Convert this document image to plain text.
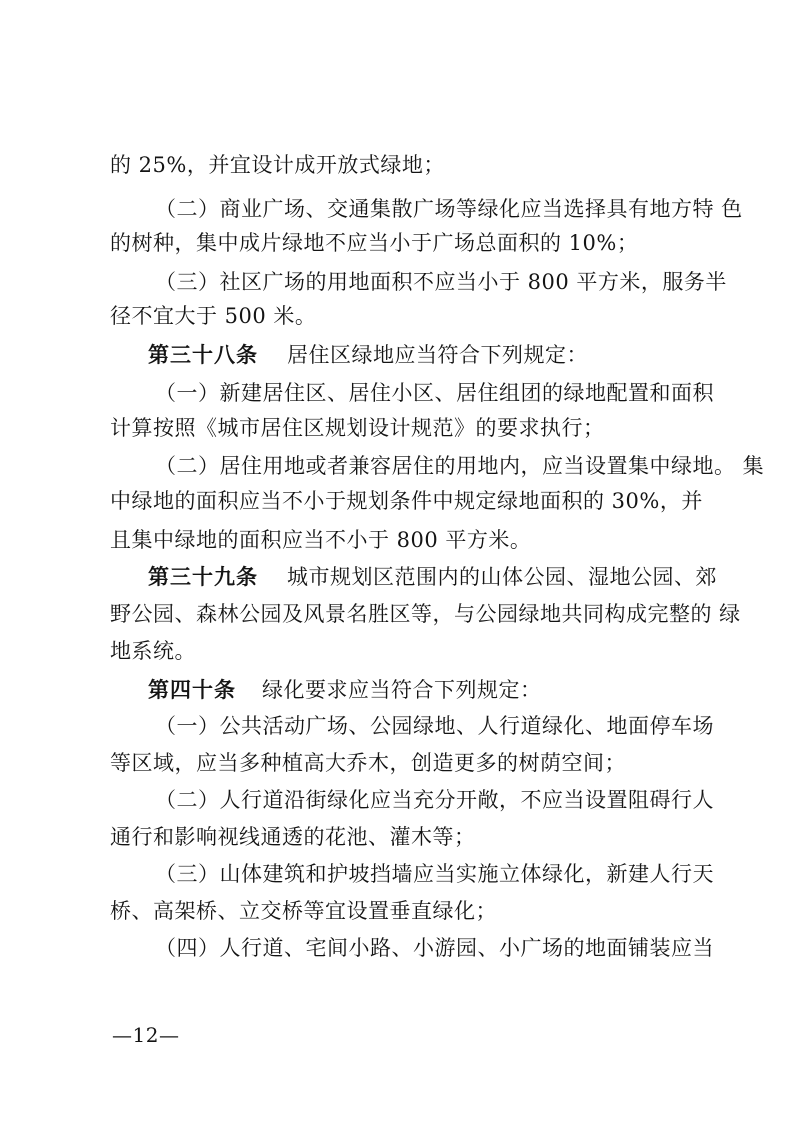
的 25%，并宜设计成开放式绿地；
（二）商业广场、交通集散广场等绿化应当选择具有地方特 色
的树种，集中成片绿地不应当小于广场总面积的 10%；
（三）社区广场的用地面积不应当小于 800 平方米，服务半
径不宜大于 500 米。
第三十八条 居住区绿地应当符合下列规定：
（一）新建居住区、居住小区、居住组团的绿地配置和面积
计算按照《城市居住区规划设计规范》的要求执行；
（二）居住用地或者兼容居住的用地内，应当设置集中绿地。 集
中绿地的面积应当不小于规划条件中规定绿地面积的 30%，并
且集中绿地的面积应当不小于 800 平方米。
第三十九条 城市规划区范围内的山体公园、湿地公园、郊
野公园、森林公园及风景名胜区等，与公园绿地共同构成完整的 绿
地系统。
第四十条 绿化要求应当符合下列规定：
（一）公共活动广场、公园绿地、人行道绿化、地面停车场
等区域，应当多种植高大乔木，创造更多的树荫空间；
（二）人行道沿街绿化应当充分开敞，不应当设置阻碍行人
通行和影响视线通透的花池、灌木等；
（三）山体建筑和护坡挡墙应当实施立体绿化，新建人行天
桥、高架桥、立交桥等宜设置垂直绿化；
（四）人行道、宅间小路、小游园、小广场的地面铺装应当
—12—
